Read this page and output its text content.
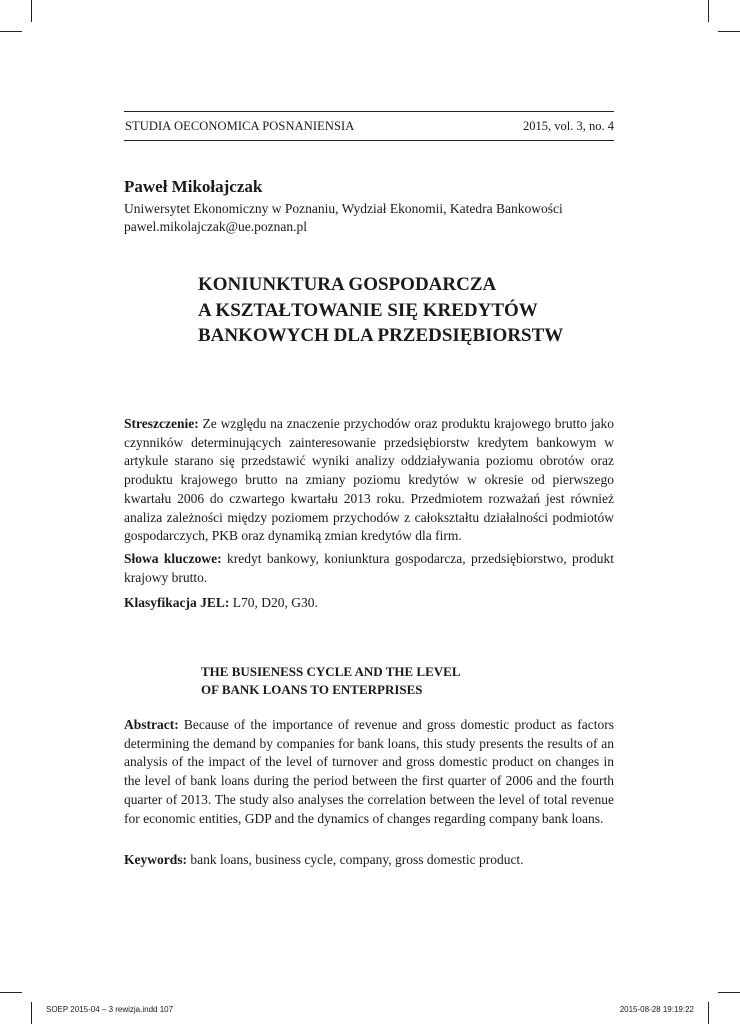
STUDIA OECONOMICA POSNANIENSIA	2015, vol. 3, no. 4
Paweł Mikołajczak
Uniwersytet Ekonomiczny w Poznaniu, Wydział Ekonomii, Katedra Bankowości
pawel.mikolajczak@ue.poznan.pl
KONIUNKTURA GOSPODARCZA
A KSZTAŁTOWANIE SIĘ KREDYTÓW
BANKOWYCH DLA PRZEDSIĘBIORSTW
Streszczenie: Ze względu na znaczenie przychodów oraz produktu krajowego brutto jako czynników determinujących zainteresowanie przedsiębiorstw kredytem bankowym w artykule starano się przedstawić wyniki analizy oddziaływania poziomu obrotów oraz produktu krajowego brutto na zmiany poziomu kredytów w okresie od pierwszego kwartału 2006 do czwartego kwartału 2013 roku. Przedmiotem rozważań jest również analiza zależności między poziomem przychodów z całokształtu działalności podmiotów gospodarczych, PKB oraz dynamiką zmian kredytów dla firm.
Słowa kluczowe: kredyt bankowy, koniunktura gospodarcza, przedsiębiorstwo, produkt krajowy brutto.
Klasyfikacja JEL: L70, D20, G30.
THE BUSIENESS CYCLE AND THE LEVEL
OF BANK LOANS TO ENTERPRISES
Abstract: Because of the importance of revenue and gross domestic product as factors determining the demand by companies for bank loans, this study presents the results of an analysis of the impact of the level of turnover and gross domestic product on changes in the level of bank loans during the period between the first quarter of 2006 and the fourth quarter of 2013. The study also analyses the correlation between the level of total revenue for economic entities, GDP and the dynamics of changes regarding company bank loans.
Keywords: bank loans, business cycle, company, gross domestic product.
SOEP 2015-04 – 3 rewizja.indd 107	2015-08-28 19:19:22
